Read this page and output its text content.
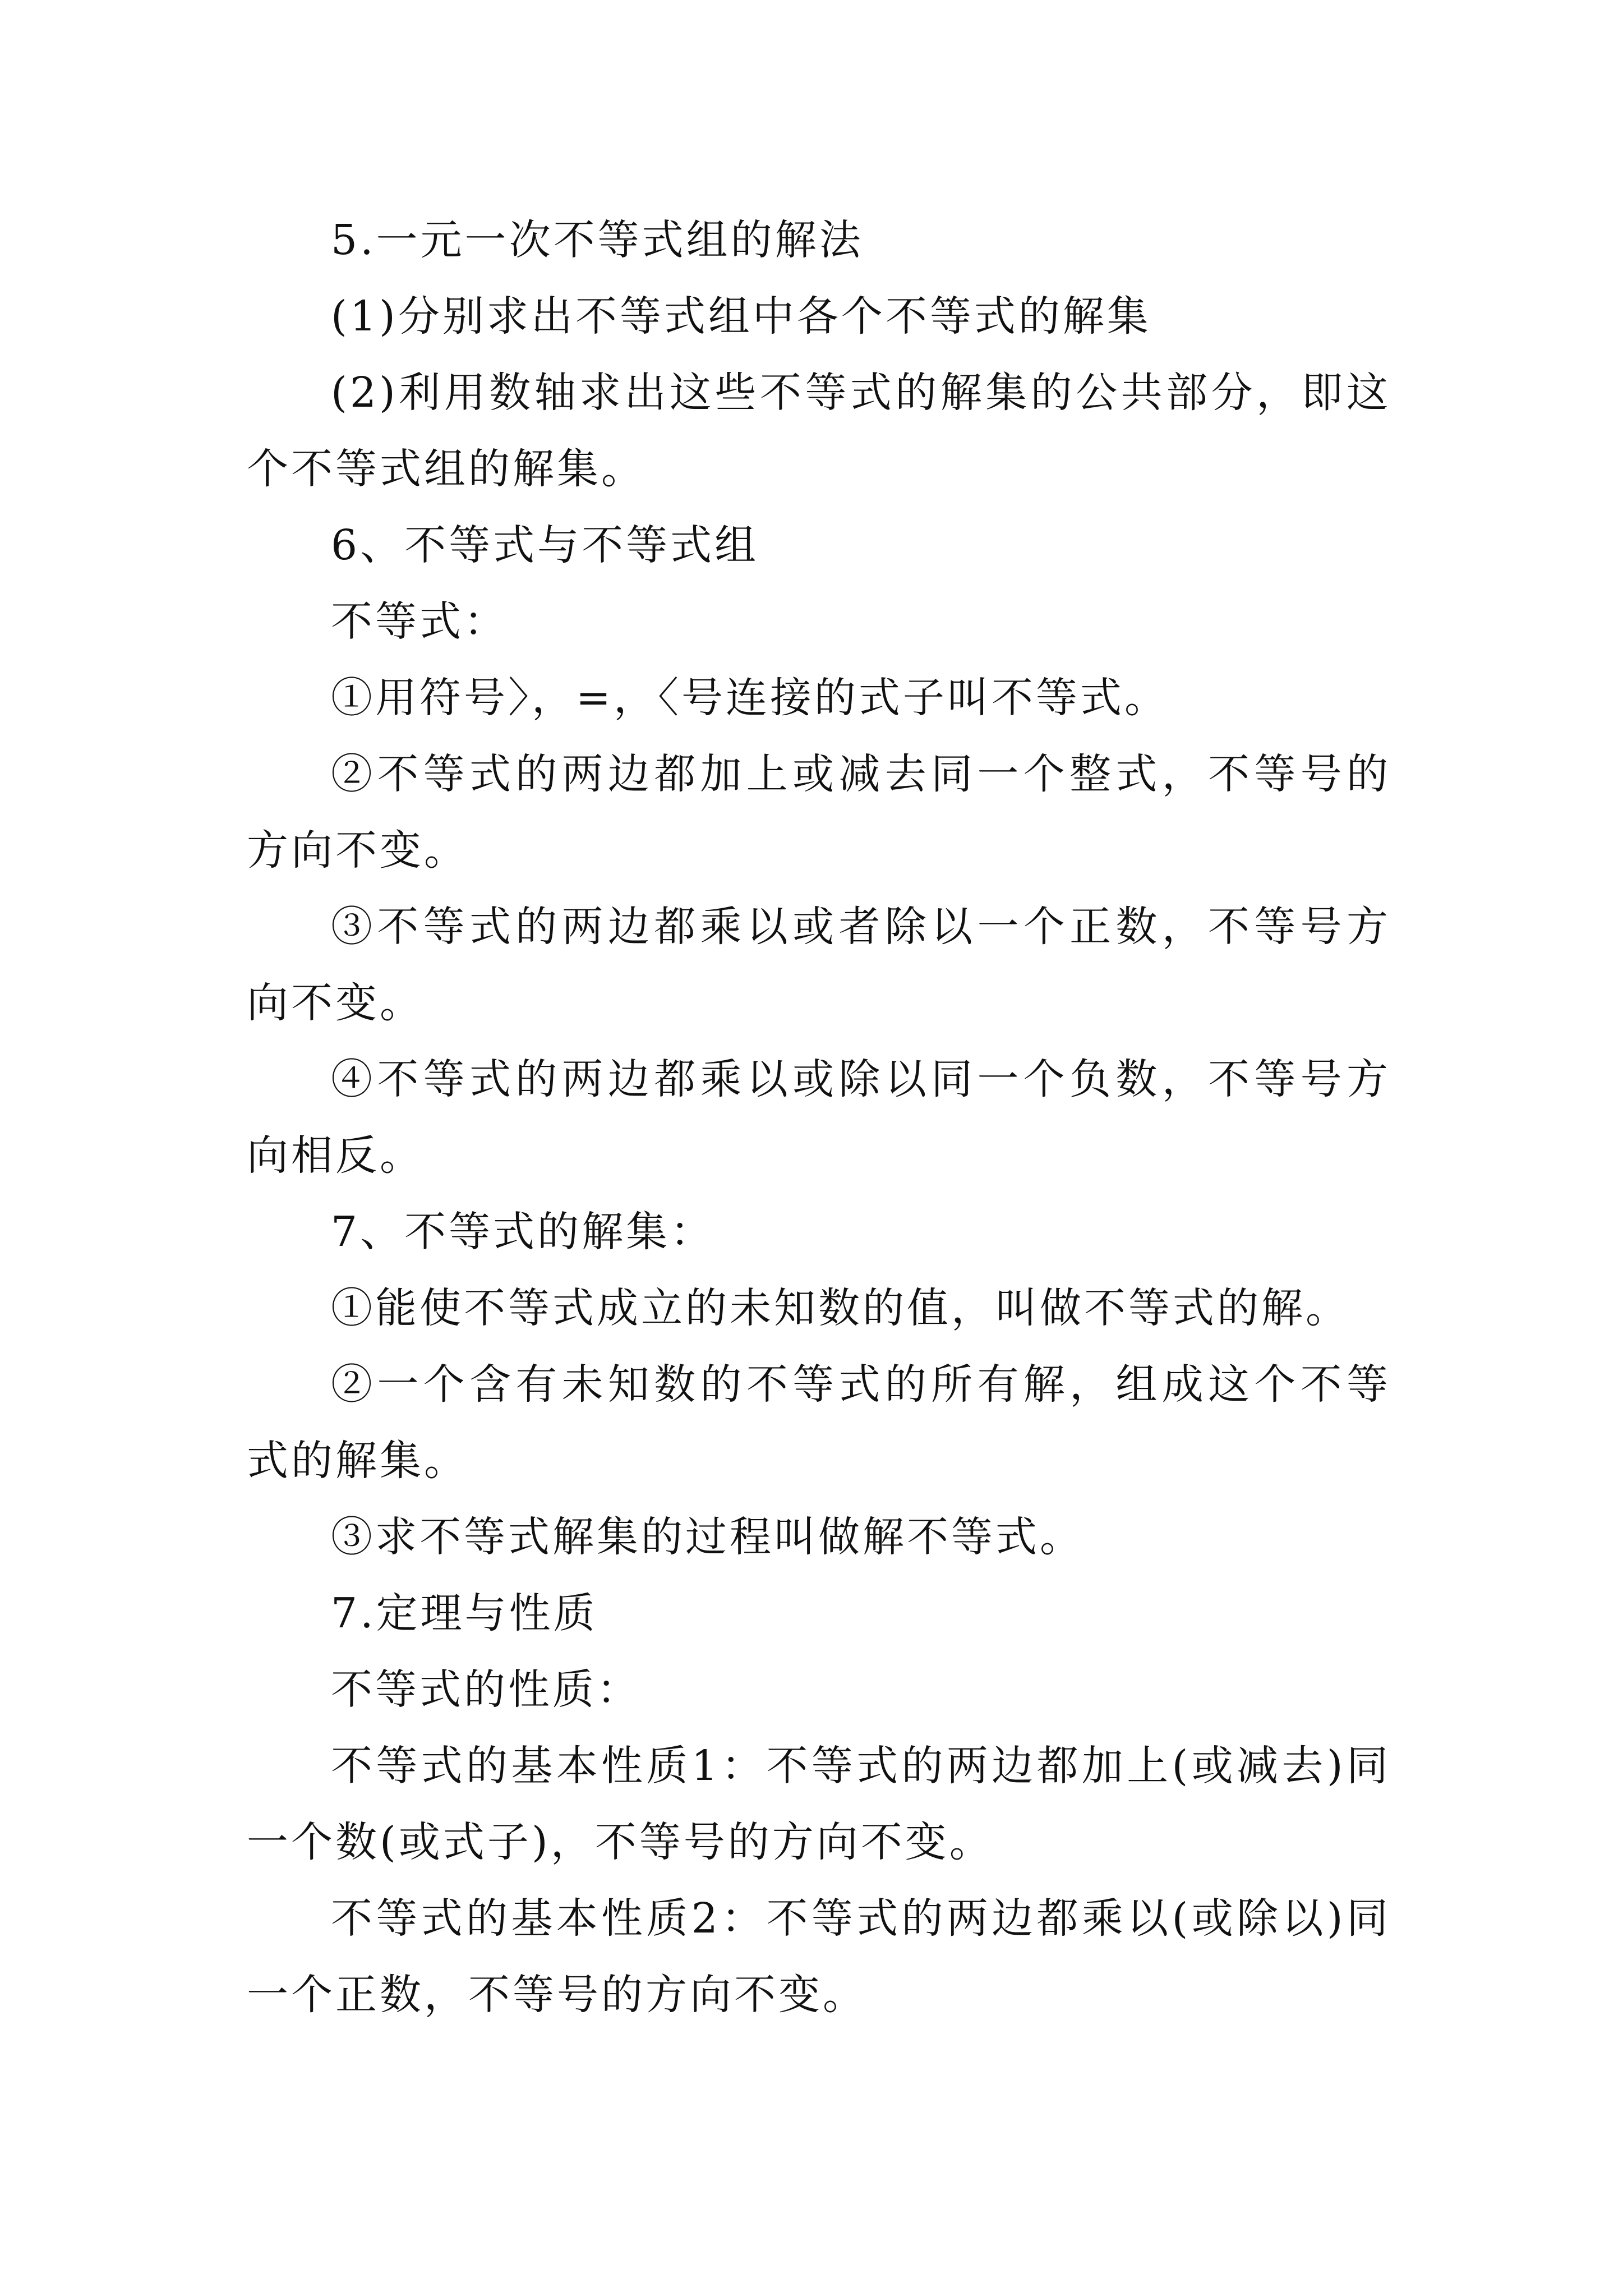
5.一元一次不等式组的解法

(1)分别求出不等式组中各个不等式的解集

(2)利用数轴求出这些不等式的解集的公共部分，即这个不等式组的解集。

6、不等式与不等式组

不等式：

①用符号〉，=，〈号连接的式子叫不等式。

②不等式的两边都加上或减去同一个整式，不等号的方向不变。

③不等式的两边都乘以或者除以一个正数，不等号方向不变。

④不等式的两边都乘以或除以同一个负数，不等号方向相反。

7、不等式的解集：

①能使不等式成立的未知数的值，叫做不等式的解。

②一个含有未知数的不等式的所有解，组成这个不等式的解集。

③求不等式解集的过程叫做解不等式。

7.定理与性质

不等式的性质：

不等式的基本性质1：不等式的两边都加上(或减去)同一个数(或式子)，不等号的方向不变。

不等式的基本性质2：不等式的两边都乘以(或除以)同一个正数，不等号的方向不变。
